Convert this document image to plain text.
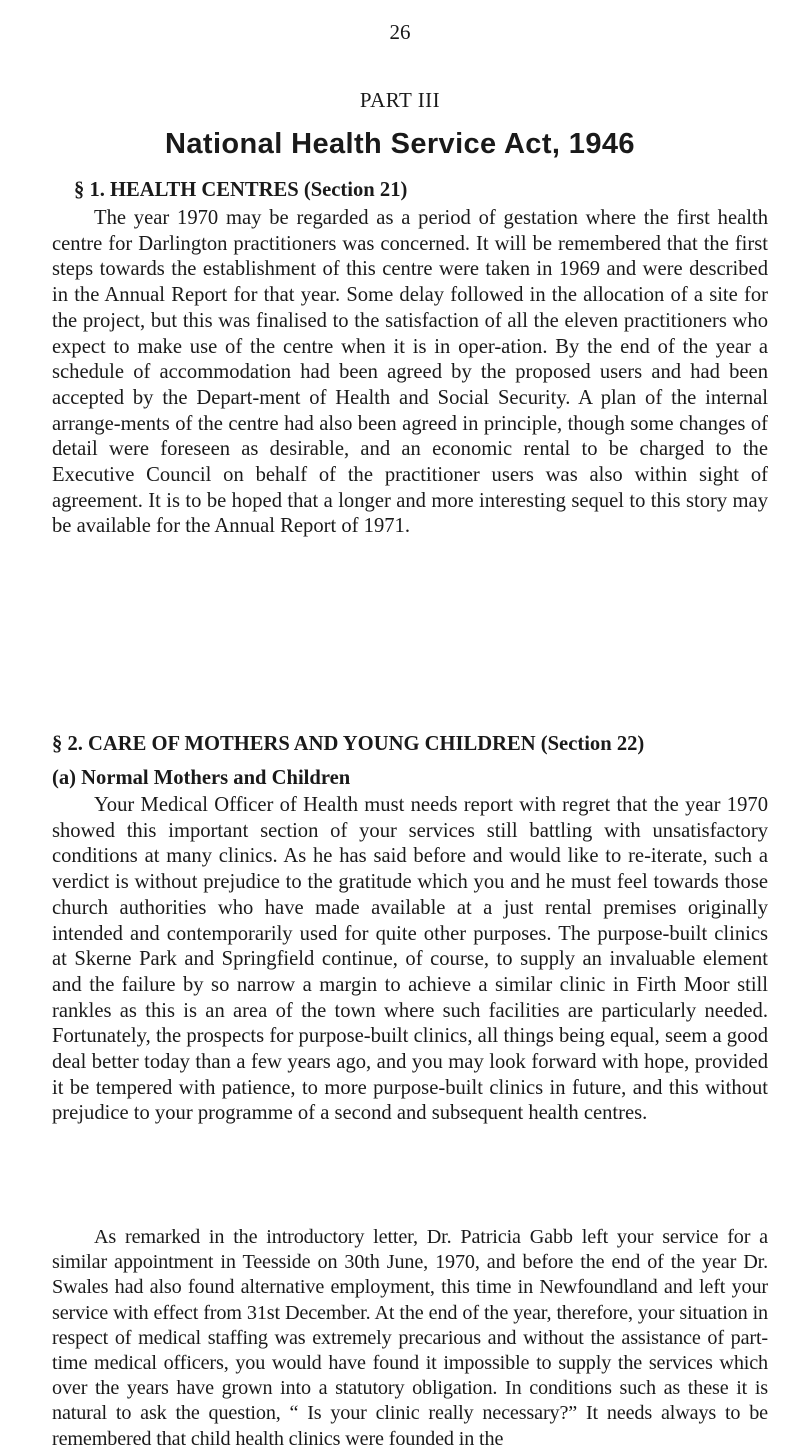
26
PART III
National Health Service Act, 1946
§ 1. HEALTH CENTRES (Section 21)

The year 1970 may be regarded as a period of gestation where the first health centre for Darlington practitioners was concerned. It will be remembered that the first steps towards the establishment of this centre were taken in 1969 and were described in the Annual Report for that year. Some delay followed in the allocation of a site for the project, but this was finalised to the satisfaction of all the eleven practitioners who expect to make use of the centre when it is in oper-ation. By the end of the year a schedule of accommodation had been agreed by the proposed users and had been accepted by the Depart-ment of Health and Social Security. A plan of the internal arrange-ments of the centre had also been agreed in principle, though some changes of detail were foreseen as desirable, and an economic rental to be charged to the Executive Council on behalf of the practitioner users was also within sight of agreement. It is to be hoped that a longer and more interesting sequel to this story may be available for the Annual Report of 1971.

§ 2. CARE OF MOTHERS AND YOUNG CHILDREN (Section 22)
(a) Normal Mothers and Children

Your Medical Officer of Health must needs report with regret that the year 1970 showed this important section of your services still battling with unsatisfactory conditions at many clinics. As he has said before and would like to re-iterate, such a verdict is without prejudice to the gratitude which you and he must feel towards those church authorities who have made available at a just rental premises originally intended and contemporarily used for quite other purposes. The purpose-built clinics at Skerne Park and Springfield continue, of course, to supply an invaluable element and the failure by so narrow a margin to achieve a similar clinic in Firth Moor still rankles as this is an area of the town where such facilities are particularly needed. Fortunately, the prospects for purpose-built clinics, all things being equal, seem a good deal better today than a few years ago, and you may look forward with hope, provided it be tempered with patience, to more purpose-built clinics in future, and this without prejudice to your programme of a second and subsequent health centres.

As remarked in the introductory letter, Dr. Patricia Gabb left your service for a similar appointment in Teesside on 30th June, 1970, and before the end of the year Dr. Swales had also found alternative employment, this time in Newfoundland and left your service with effect from 31st December. At the end of the year, therefore, your situation in respect of medical staffing was extremely precarious and without the assistance of part-time medical officers, you would have found it impossible to supply the services which over the years have grown into a statutory obligation. In conditions such as these it is natural to ask the question, “ Is your clinic really necessary?” It needs always to be remembered that child health clinics were founded in the
